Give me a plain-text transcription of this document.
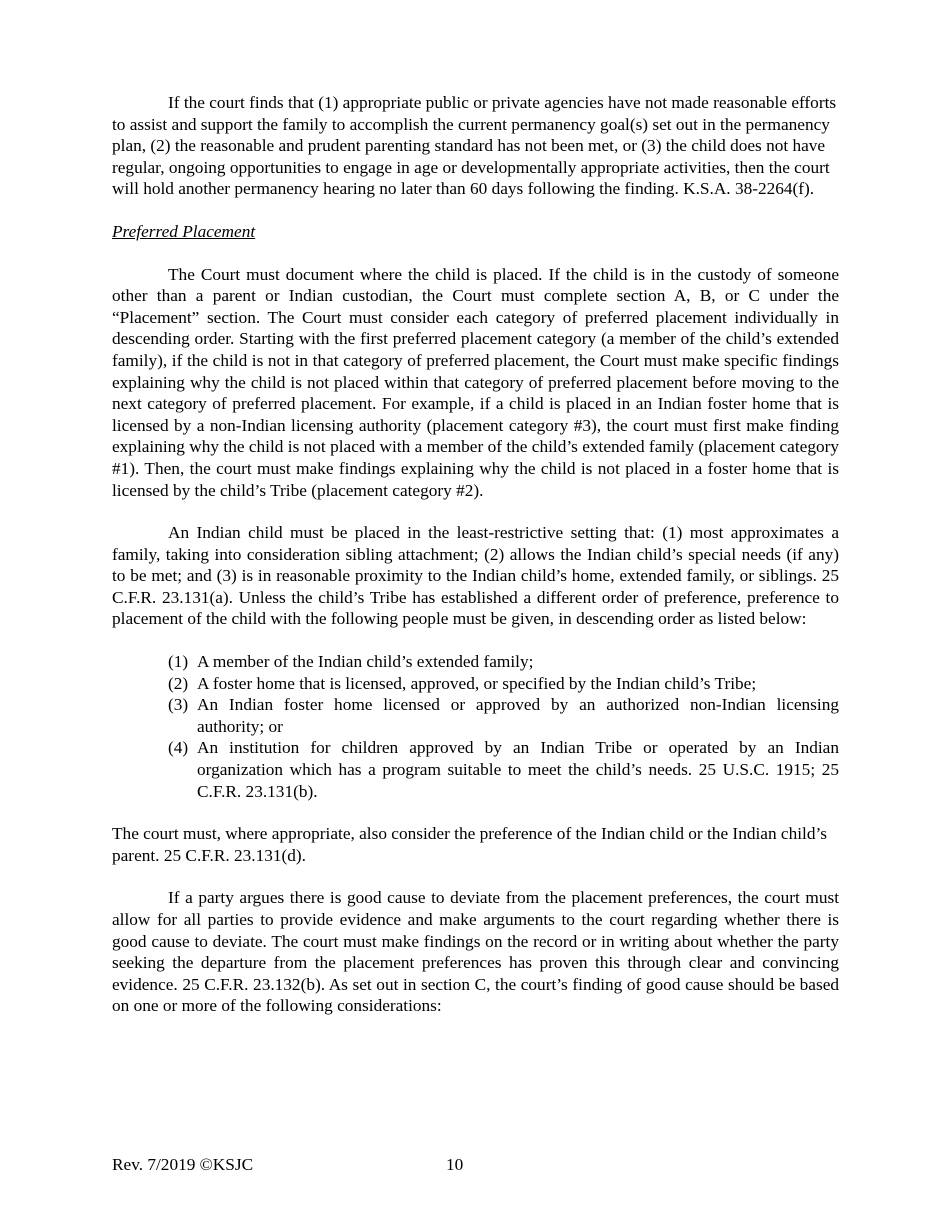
If the court finds that (1) appropriate public or private agencies have not made reasonable efforts to assist and support the family to accomplish the current permanency goal(s) set out in the permanency plan, (2) the reasonable and prudent parenting standard has not been met, or (3) the child does not have regular, ongoing opportunities to engage in age or developmentally appropriate activities, then the court will hold another permanency hearing no later than 60 days following the finding. K.S.A. 38-2264(f).

Preferred Placement

The Court must document where the child is placed. If the child is in the custody of someone other than a parent or Indian custodian, the Court must complete section A, B, or C under the “Placement” section. The Court must consider each category of preferred placement individually in descending order. Starting with the first preferred placement category (a member of the child’s extended family), if the child is not in that category of preferred placement, the Court must make specific findings explaining why the child is not placed within that category of preferred placement before moving to the next category of preferred placement. For example, if a child is placed in an Indian foster home that is licensed by a non-Indian licensing authority (placement category #3), the court must first make finding explaining why the child is not placed with a member of the child’s extended family (placement category #1). Then, the court must make findings explaining why the child is not placed in a foster home that is licensed by the child’s Tribe (placement category #2).

An Indian child must be placed in the least-restrictive setting that: (1) most approximates a family, taking into consideration sibling attachment; (2) allows the Indian child’s special needs (if any) to be met; and (3) is in reasonable proximity to the Indian child’s home, extended family, or siblings. 25 C.F.R. 23.131(a). Unless the child’s Tribe has established a different order of preference, preference to placement of the child with the following people must be given, in descending order as listed below:

(1) A member of the Indian child’s extended family;
(2) A foster home that is licensed, approved, or specified by the Indian child’s Tribe;
(3) An Indian foster home licensed or approved by an authorized non-Indian licensing authority; or
(4) An institution for children approved by an Indian Tribe or operated by an Indian organization which has a program suitable to meet the child’s needs. 25 U.S.C. 1915; 25 C.F.R. 23.131(b).

The court must, where appropriate, also consider the preference of the Indian child or the Indian child’s parent. 25 C.F.R. 23.131(d).

If a party argues there is good cause to deviate from the placement preferences, the court must allow for all parties to provide evidence and make arguments to the court regarding whether there is good cause to deviate. The court must make findings on the record or in writing about whether the party seeking the departure from the placement preferences has proven this through clear and convincing evidence. 25 C.F.R. 23.132(b). As set out in section C, the court’s finding of good cause should be based on one or more of the following considerations:

Rev. 7/2019 ©KSJC	10
